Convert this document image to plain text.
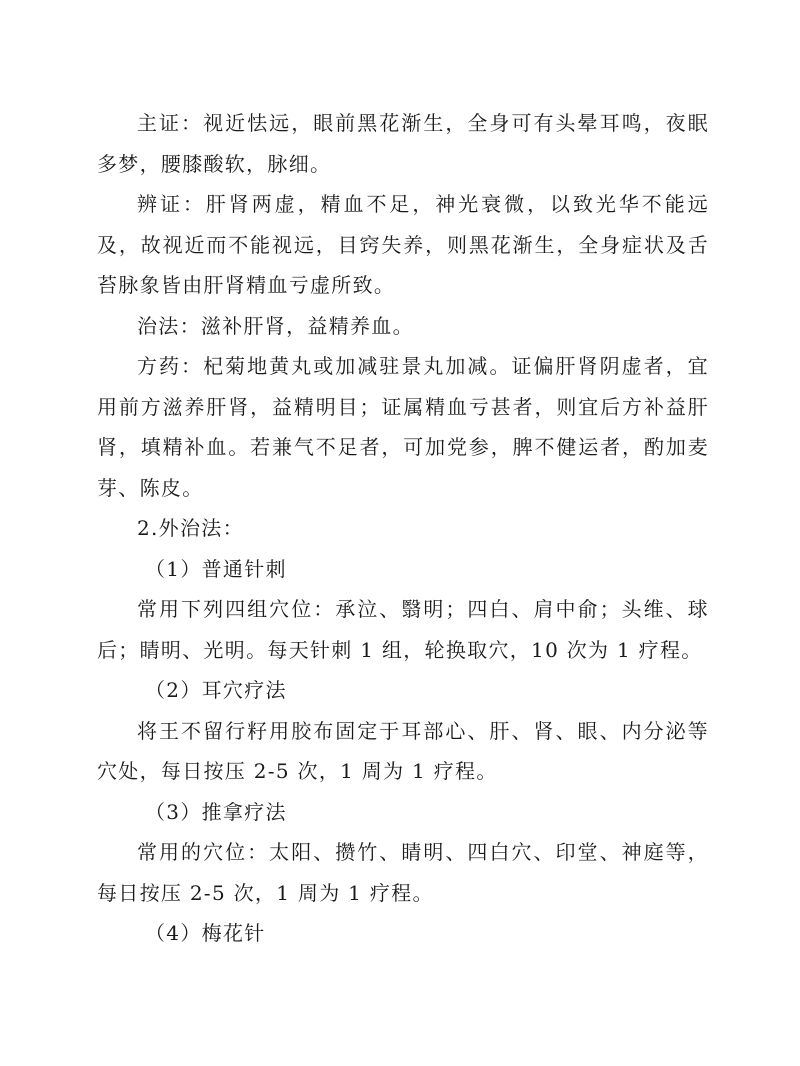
主证：视近怯远，眼前黑花渐生，全身可有头晕耳鸣，夜眠多梦，腰膝酸软，脉细。

辨证：肝肾两虚，精血不足，神光衰微，以致光华不能远及，故视近而不能视远，目窍失养，则黑花渐生，全身症状及舌苔脉象皆由肝肾精血亏虚所致。

治法：滋补肝肾，益精养血。

方药：杞菊地黄丸或加减驻景丸加减。证偏肝肾阴虚者，宜用前方滋养肝肾，益精明目；证属精血亏甚者，则宜后方补益肝肾，填精补血。若兼气不足者，可加党参，脾不健运者，酌加麦芽、陈皮。

2.外治法：

（1）普通针刺

常用下列四组穴位：承泣、翳明；四白、肩中俞；头维、球后；睛明、光明。每天针刺 1 组，轮换取穴，10 次为 1 疗程。

（2）耳穴疗法

将王不留行籽用胶布固定于耳部心、肝、肾、眼、内分泌等穴处，每日按压 2-5 次，1 周为 1 疗程。

（3）推拿疗法

常用的穴位：太阳、攒竹、睛明、四白穴、印堂、神庭等，每日按压 2-5 次，1 周为 1 疗程。

（4）梅花针
